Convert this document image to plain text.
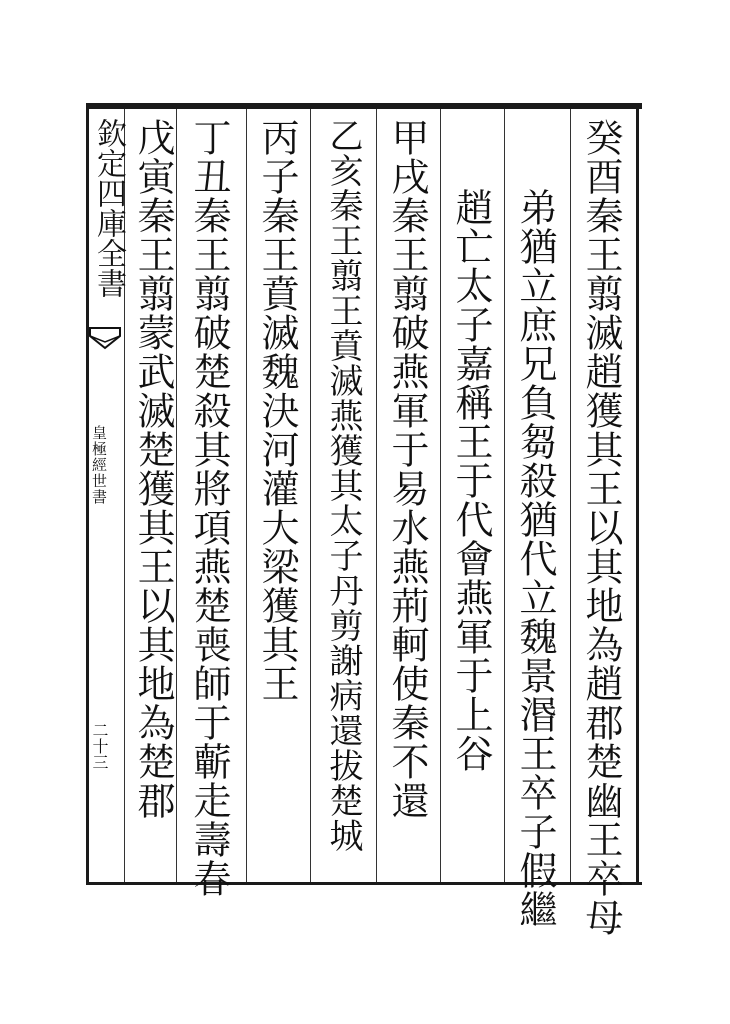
欽定四庫全書
皇極經世書
二十三	癸酉秦王翦滅趙獲其王以其地為趙郡楚幽王卒母
弟猶立庶兄負芻殺猶代立魏景湣王卒子假繼
趙亡太子嘉稱王于代會燕軍于上谷
甲戌秦王翦破燕軍于易水燕荊軻使秦不還
乙亥秦王翦王賁滅燕獲其太子丹剪謝病還拔楚城
丙子秦王賁滅魏決河灌大梁獲其王
丁丑秦王翦破楚殺其將項燕楚喪師于蘄走壽春
戊寅秦王翦蒙武滅楚獲其王以其地為楚郡
